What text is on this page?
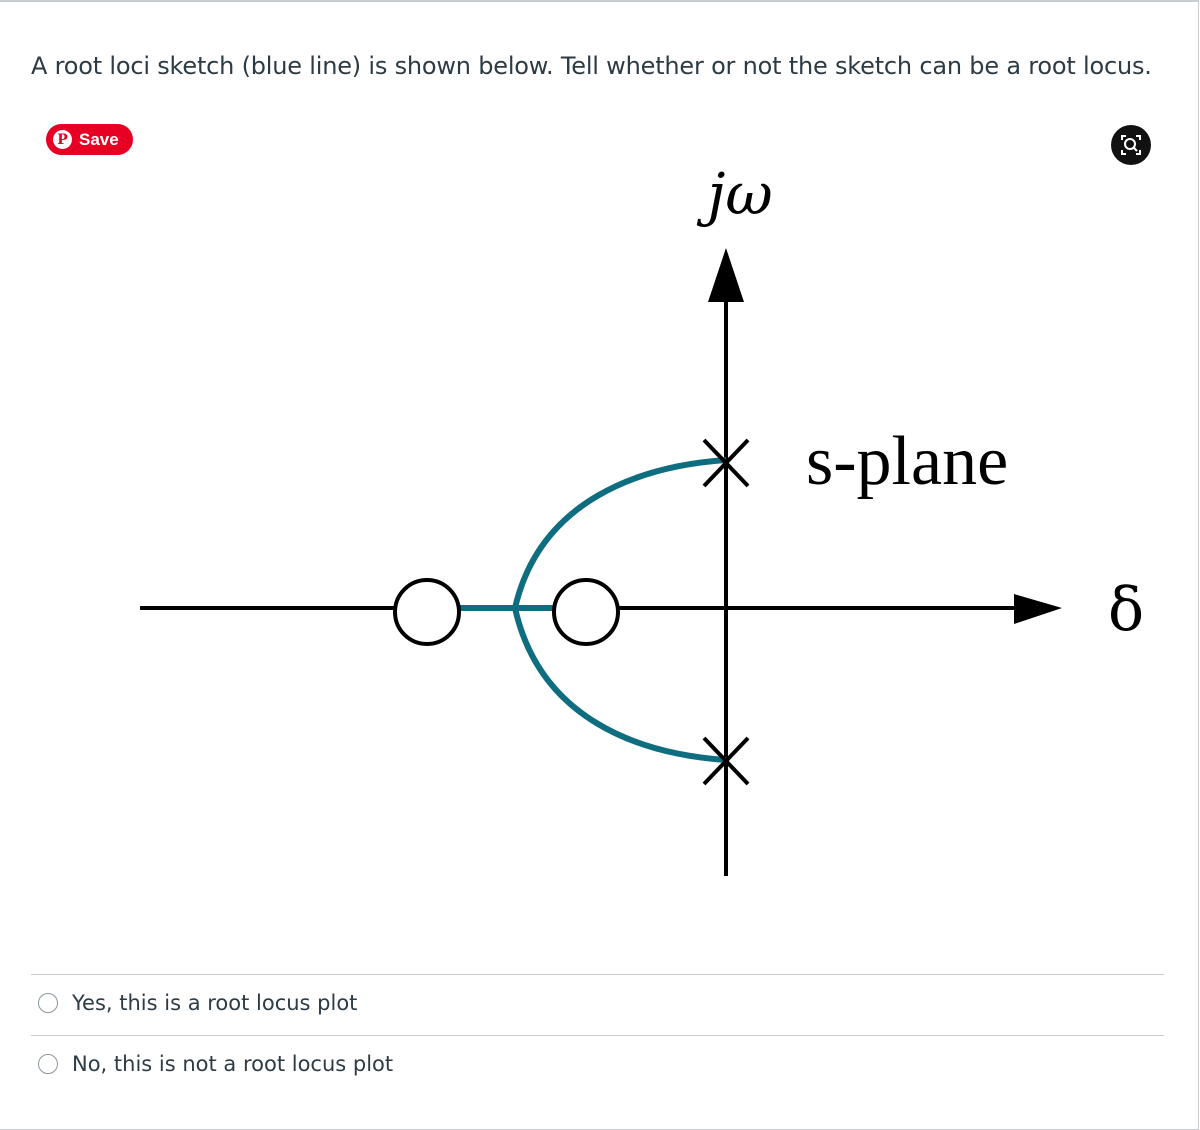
A root loci sketch (blue line) is shown below. Tell whether or not the sketch can be a root locus.
jω
s-plane
δ
P Save
Yes, this is a root locus plot
No, this is not a root locus plot
